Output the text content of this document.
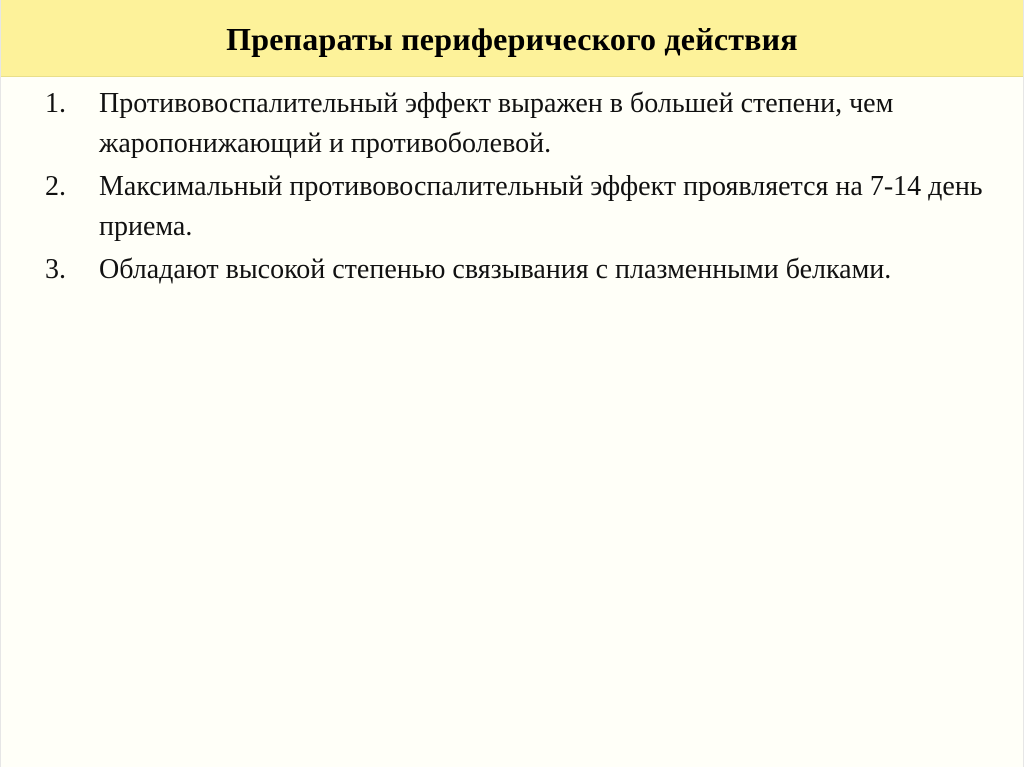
Препараты периферического действия
1.	Противовоспалительный эффект выражен в большей степени, чем жаропонижающий и противоболевой.
2.	Максимальный противовоспалительный эффект проявляется на 7-14 день приема.
3.	Обладают высокой степенью связывания с плазменными белками.
